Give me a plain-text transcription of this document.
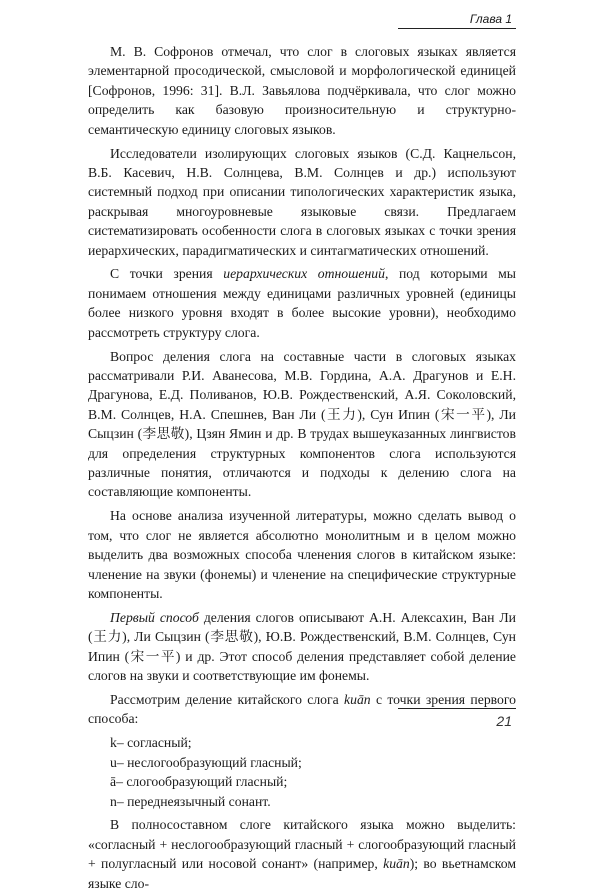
Глава 1

М. В. Софронов отмечал, что слог в слоговых языках является элементарной просодической, смысловой и морфологической единицей [Софронов, 1996: 31]. В.Л. Завьялова подчёркивала, что слог можно определить как базовую произносительную и структурно-семантическую единицу слоговых языков.

Исследователи изолирующих слоговых языков (С.Д. Кацнельсон, В.Б. Касевич, Н.В. Солнцева, В.М. Солнцев и др.) используют системный подход при описании типологических характеристик языка, раскрывая многоуровневые языковые связи. Предлагаем систематизировать особенности слога в слоговых языках с точки зрения иерархических, парадигматических и синтагматических отношений.

С точки зрения иерархических отношений, под которыми мы понимаем отношения между единицами различных уровней (единицы более низкого уровня входят в более высокие уровни), необходимо рассмотреть структуру слога.

Вопрос деления слога на составные части в слоговых языках рассматривали Р.И. Аванесова, М.В. Гордина, А.А. Драгунов и Е.Н. Драгунова, Е.Д. Поливанов, Ю.В. Рождественский, А.Я. Соколовский, В.М. Солнцев, Н.А. Спешнев, Ван Ли (王力), Сун Ипин (宋一平), Ли Сыцзин (李思敬), Цзян Ямин и др. В трудах вышеуказанных лингвистов для определения структурных компонентов слога используются различные понятия, отличаются и подходы к делению слога на составляющие компоненты.

На основе анализа изученной литературы, можно сделать вывод о том, что слог не является абсолютно монолитным и в целом можно выделить два возможных способа членения слогов в китайском языке: членение на звуки (фонемы) и членение на специфические структурные компоненты.

Первый способ деления слогов описывают А.Н. Алексахин, Ван Ли (王力), Ли Сыцзин (李思敬), Ю.В. Рождественский, В.М. Солнцев, Сун Ипин (宋一平) и др. Этот способ деления представляет собой деление слогов на звуки и соответствующие им фонемы.

Рассмотрим деление китайского слога kuān с точки зрения первого способа:

k– согласный;

u– неслогообразующий гласный;

ā– слогообразующий гласный;

n– переднеязычный сонант.

В полносоставном слоге китайского языка можно выделить: «согласный + неслогообразующий гласный + слогообразующий гласный + полугласный или носовой сонант» (например, kuān); во вьетнамском языке сло-

21
